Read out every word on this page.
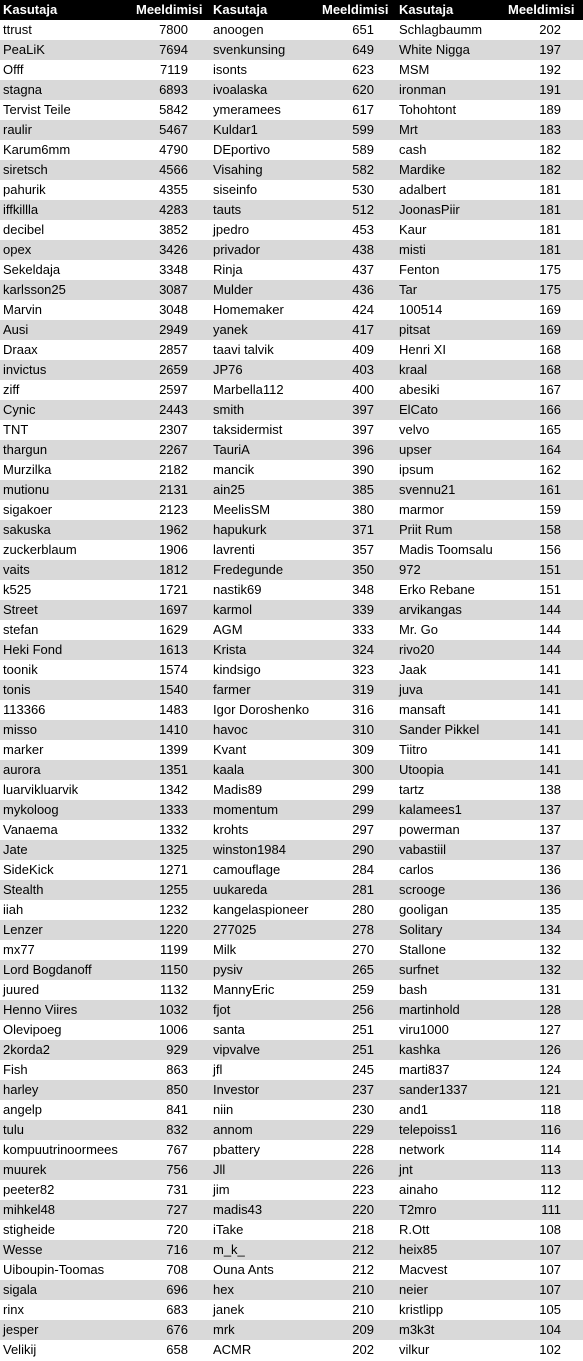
Kasutaja	Meeldimisi	Kasutaja	Meeldimisi	Kasutaja	Meeldimisi
ttrust	7800	anoogen	651	Schlagbaumm	202
PeaLiK	7694	svenkunsing	649	White Nigga	197
Offf	7119	isonts	623	MSM	192
stagna	6893	ivoalaska	620	ironman	191
Tervist Teile	5842	ymeramees	617	Tohohtont	189
raulir	5467	Kuldar1	599	Mrt	183
Karum6mm	4790	DEportivo	589	cash	182
siretsch	4566	Visahing	582	Mardike	182
pahurik	4355	siseinfo	530	adalbert	181
iffkillla	4283	tauts	512	JoonasPiir	181
decibel	3852	jpedro	453	Kaur	181
opex	3426	privador	438	misti	181
Sekeldaja	3348	Rinja	437	Fenton	175
karlsson25	3087	Mulder	436	Tar	175
Marvin	3048	Homemaker	424	100514	169
Ausi	2949	yanek	417	pitsat	169
Draax	2857	taavi talvik	409	Henri XI	168
invictus	2659	JP76	403	kraal	168
ziff	2597	Marbella112	400	abesiki	167
Cynic	2443	smith	397	ElCato	166
TNT	2307	taksidermist	397	velvo	165
thargun	2267	TauriA	396	upser	164
Murzilka	2182	mancik	390	ipsum	162
mutionu	2131	ain25	385	svennu21	161
sigakoer	2123	MeelisSM	380	marmor	159
sakuska	1962	hapukurk	371	Priit Rum	158
zuckerblaum	1906	lavrenti	357	Madis Toomsalu	156
vaits	1812	Fredegunde	350	972	151
k525	1721	nastik69	348	Erko Rebane	151
Street	1697	karmol	339	arvikangas	144
stefan	1629	AGM	333	Mr. Go	144
Heki Fond	1613	Krista	324	rivo20	144
toonik	1574	kindsigo	323	Jaak	141
tonis	1540	farmer	319	juva	141
113366	1483	Igor Doroshenko	316	mansaft	141
misso	1410	havoc	310	Sander Pikkel	141
marker	1399	Kvant	309	Tiitro	141
aurora	1351	kaala	300	Utoopia	141
luarvikluarvik	1342	Madis89	299	tartz	138
mykoloog	1333	momentum	299	kalamees1	137
Vanaema	1332	krohts	297	powerman	137
Jate	1325	winston1984	290	vabastiil	137
SideKick	1271	camouflage	284	carlos	136
Stealth	1255	uukareda	281	scrooge	136
iiah	1232	kangelaspioneer	280	gooligan	135
Lenzer	1220	277025	278	Solitary	134
mx77	1199	Milk	270	Stallone	132
Lord Bogdanoff	1150	pysiv	265	surfnet	132
juured	1132	MannyEric	259	bash	131
Henno Viires	1032	fjot	256	martinhold	128
Olevipoeg	1006	santa	251	viru1000	127
2korda2	929	vipvalve	251	kashka	126
Fish	863	jfl	245	marti837	124
harley	850	Investor	237	sander1337	121
angelp	841	niin	230	and1	118
tulu	832	annom	229	telepoiss1	116
kompuutrinoormees	767	pbattery	228	network	114
muurek	756	Jll	226	jnt	113
peeter82	731	jim	223	ainaho	112
mihkel48	727	madis43	220	T2mro	111
stigheide	720	iTake	218	R.Ott	108
Wesse	716	m_k_	212	heix85	107
Uiboupin-Toomas	708	Ouna Ants	212	Macvest	107
sigala	696	hex	210	neier	107
rinx	683	janek	210	kristlipp	105
jesper	676	mrk	209	m3k3t	104
Velikij	658	ACMR	202	vilkur	102
